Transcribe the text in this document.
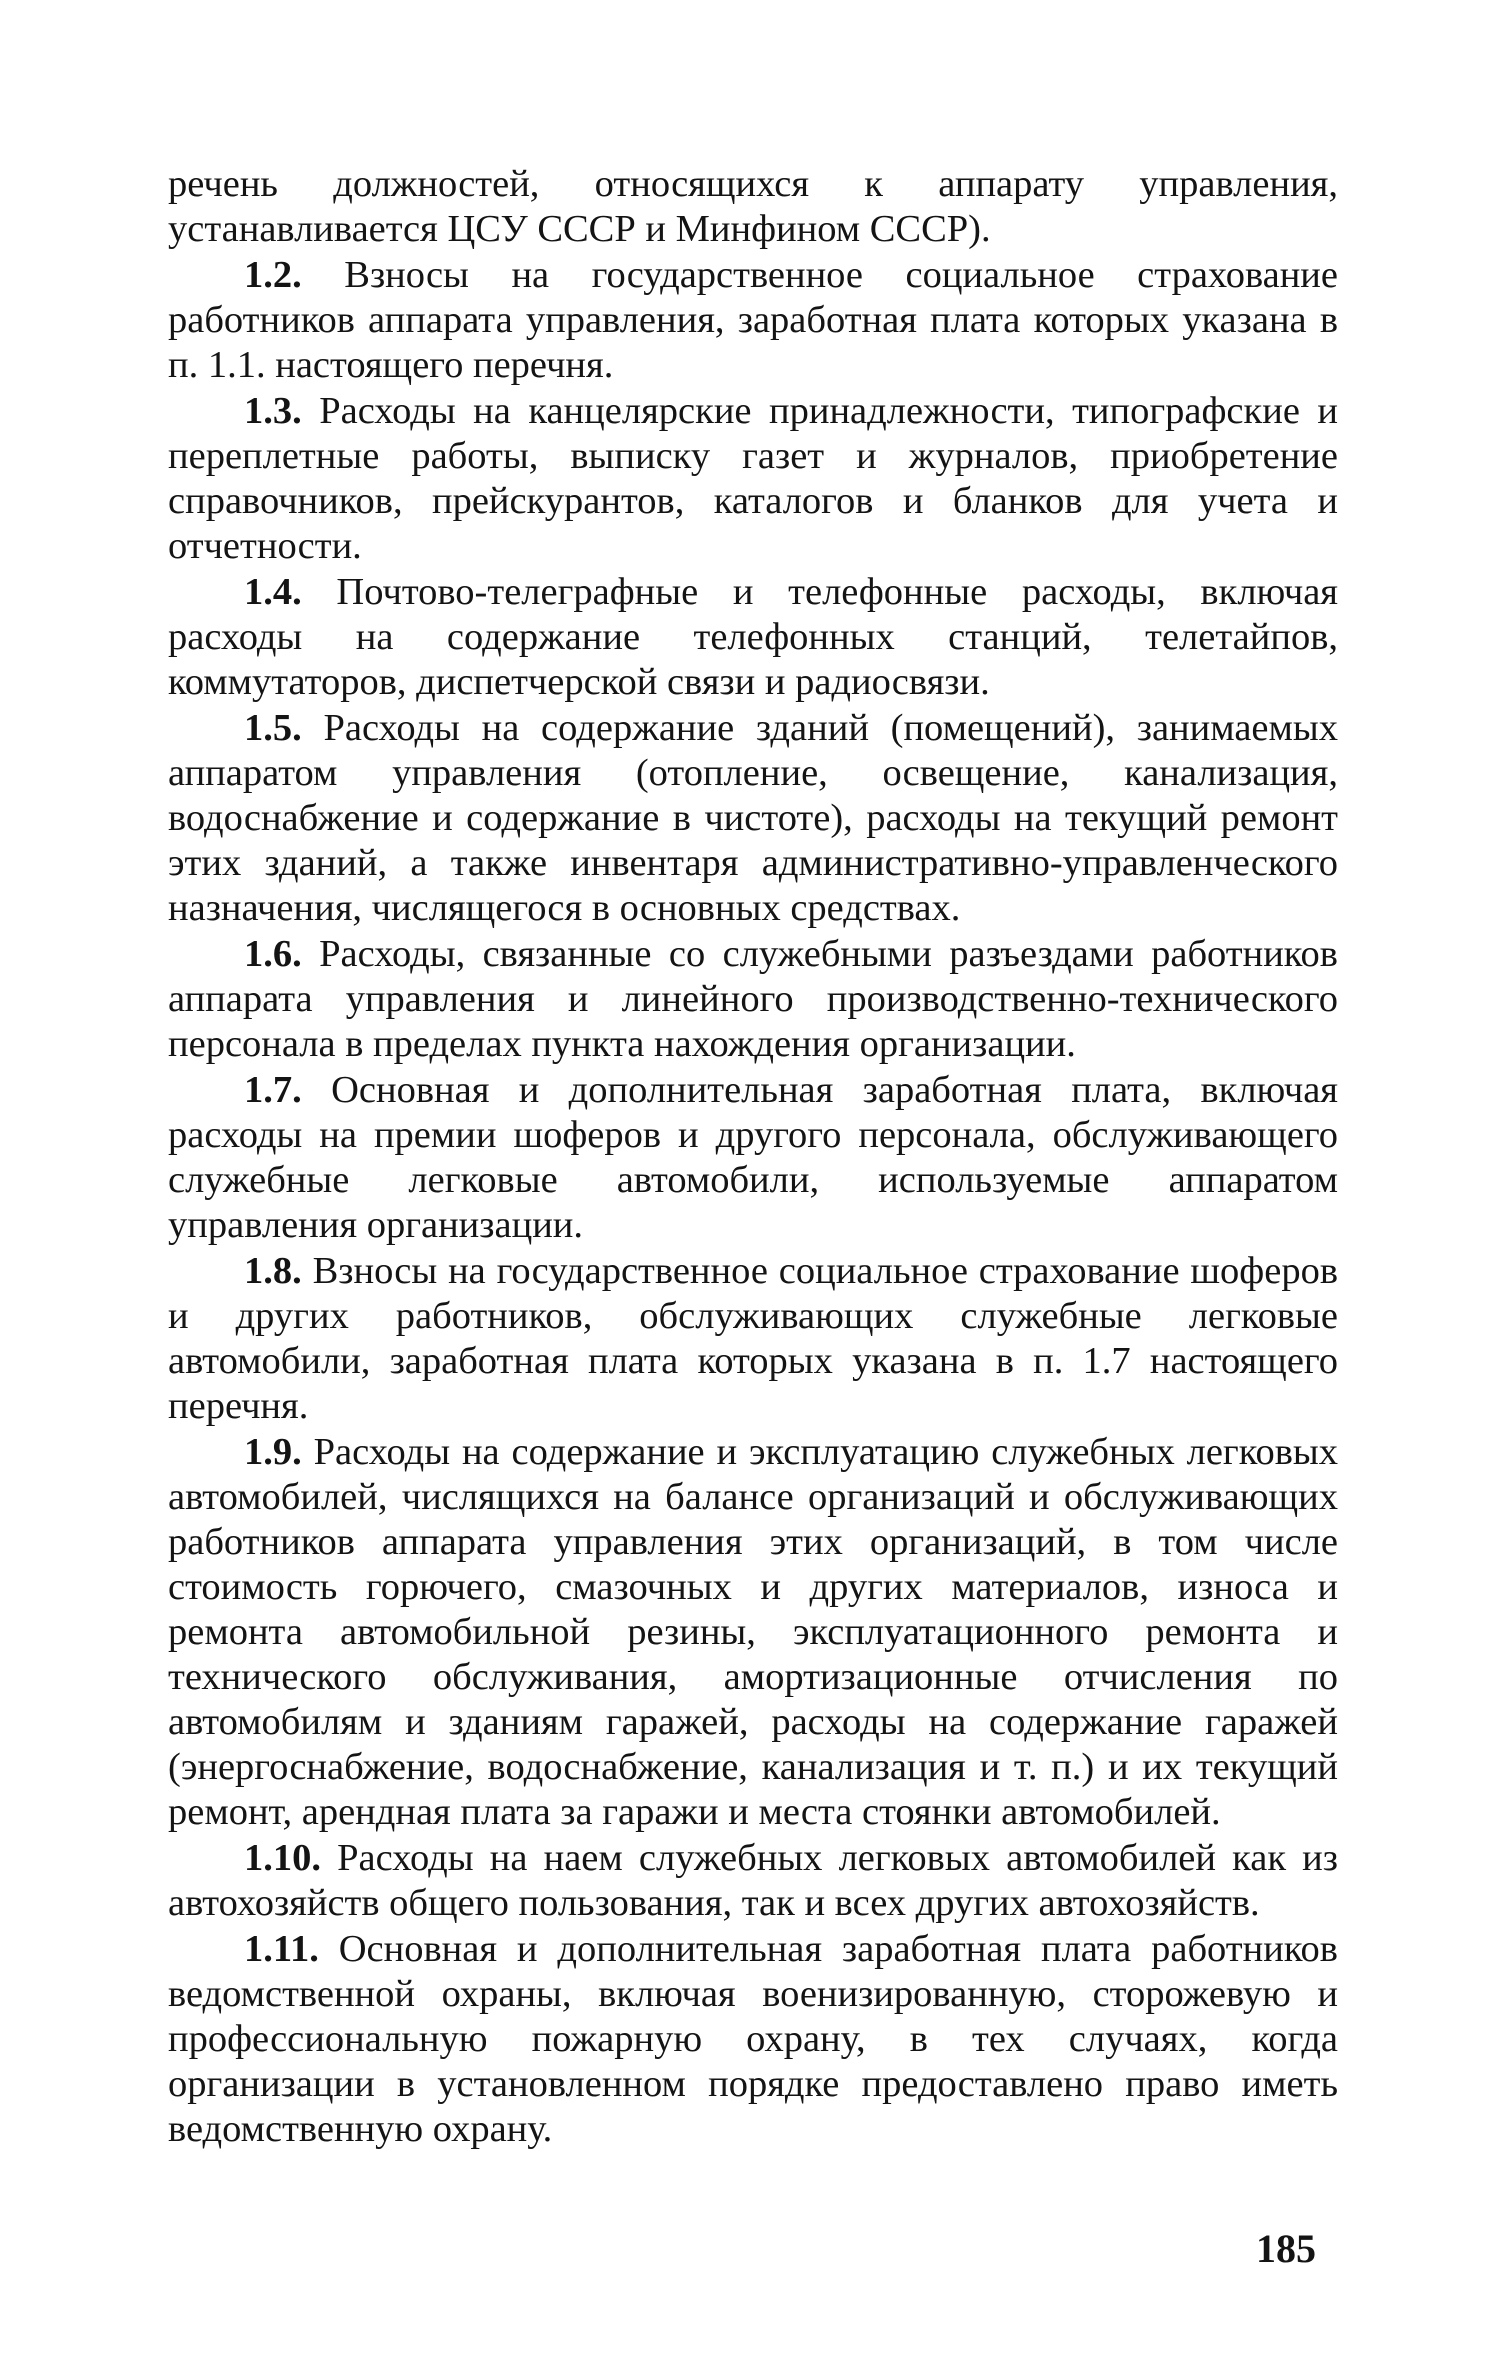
речень должностей, относящихся к аппарату управления, устанавливается ЦСУ СССР и Минфином СССР).

1.2. Взносы на государственное социальное страхование работников аппарата управления, заработная плата которых указана в п. 1.1. настоящего перечня.

1.3. Расходы на канцелярские принадлежности, типографские и переплетные работы, выписку газет и журналов, приобретение справочников, прейскурантов, каталогов и бланков для учета и отчетности.

1.4. Почтово-телеграфные и телефонные расходы, включая расходы на содержание телефонных станций, телетайпов, коммутаторов, диспетчерской связи и радиосвязи.

1.5. Расходы на содержание зданий (помещений), занимаемых аппаратом управления (отопление, освещение, канализация, водоснабжение и содержание в чистоте), расходы на текущий ремонт этих зданий, а также инвентаря административно-управленческого назначения, числящегося в основных средствах.

1.6. Расходы, связанные со служебными разъездами работников аппарата управления и линейного производственно-технического персонала в пределах пункта нахождения организации.

1.7. Основная и дополнительная заработная плата, включая расходы на премии шоферов и другого персонала, обслуживающего служебные легковые автомобили, используемые аппаратом управления организации.

1.8. Взносы на государственное социальное страхование шоферов и других работников, обслуживающих служебные легковые автомобили, заработная плата которых указана в п. 1.7 настоящего перечня.

1.9. Расходы на содержание и эксплуатацию служебных легковых автомобилей, числящихся на балансе организаций и обслуживающих работников аппарата управления этих организаций, в том числе стоимость горючего, смазочных и других материалов, износа и ремонта автомобильной резины, эксплуатационного ремонта и технического обслуживания, амортизационные отчисления по автомобилям и зданиям гаражей, расходы на содержание гаражей (энергоснабжение, водоснабжение, канализация и т. п.) и их текущий ремонт, арендная плата за гаражи и места стоянки автомобилей.

1.10. Расходы на наем служебных легковых автомобилей как из автохозяйств общего пользования, так и всех других автохозяйств.

1.11. Основная и дополнительная заработная плата работников ведомственной охраны, включая военизированную, сторожевую и профессиональную пожарную охрану, в тех случаях, когда организации в установленном порядке предоставлено право иметь ведомственную охрану.

185
